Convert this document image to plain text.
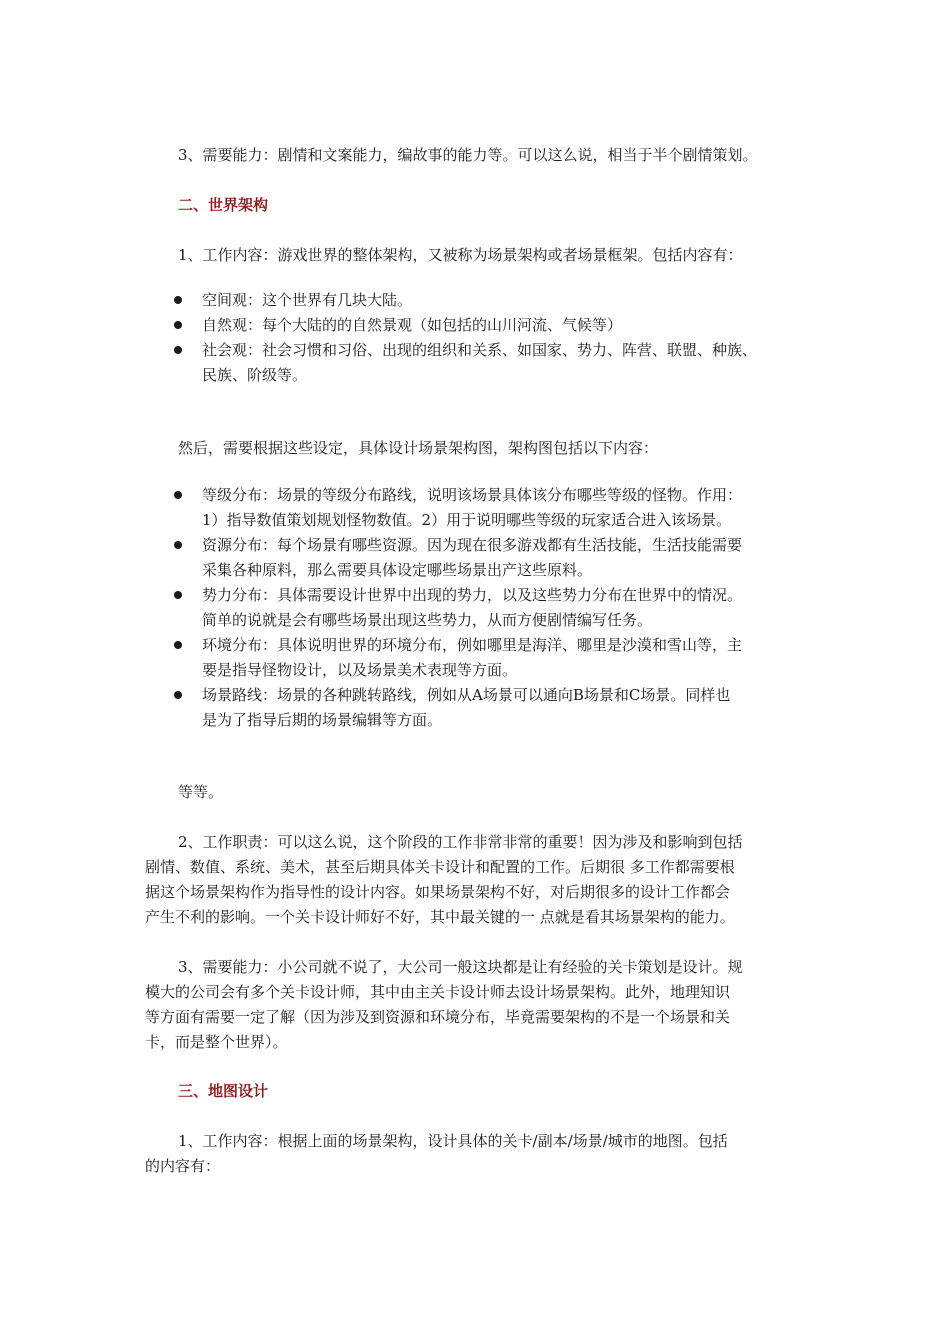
3、需要能力：剧情和文案能力，编故事的能力等。可以这么说，相当于半个剧情策划。
二、世界架构
1、工作内容：游戏世界的整体架构，又被称为场景架构或者场景框架。包括内容有：
空间观：这个世界有几块大陆。
自然观：每个大陆的的自然景观（如包括的山川河流、气候等）
社会观：社会习惯和习俗、出现的组织和关系、如国家、势力、阵营、联盟、种族、
民族、阶级等。
然后，需要根据这些设定，具体设计场景架构图，架构图包括以下内容：
等级分布：场景的等级分布路线，说明该场景具体该分布哪些等级的怪物。作用：
1）指导数值策划规划怪物数值。2）用于说明哪些等级的玩家适合进入该场景。
资源分布：每个场景有哪些资源。因为现在很多游戏都有生活技能，生活技能需要
采集各种原料，那么需要具体设定哪些场景出产这些原料。
势力分布：具体需要设计世界中出现的势力，以及这些势力分布在世界中的情况。
简单的说就是会有哪些场景出现这些势力，从而方便剧情编写任务。
环境分布：具体说明世界的环境分布，例如哪里是海洋、哪里是沙漠和雪山等，主
要是指导怪物设计，以及场景美术表现等方面。
场景路线：场景的各种跳转路线，例如从A场景可以通向B场景和C场景。同样也
是为了指导后期的场景编辑等方面。
等等。
2、工作职责：可以这么说，这个阶段的工作非常非常的重要！因为涉及和影响到包括
剧情、数值、系统、美术，甚至后期具体关卡设计和配置的工作。后期很 多工作都需要根
据这个场景架构作为指导性的设计内容。如果场景架构不好，对后期很多的设计工作都会
产生不利的影响。一个关卡设计师好不好，其中最关键的一 点就是看其场景架构的能力。
3、需要能力：小公司就不说了，大公司一般这块都是让有经验的关卡策划是设计。规
模大的公司会有多个关卡设计师，其中由主关卡设计师去设计场景架构。此外，地理知识
等方面有需要一定了解（因为涉及到资源和环境分布，毕竟需要架构的不是一个场景和关
卡，而是整个世界）。
三、地图设计
1、工作内容：根据上面的场景架构，设计具体的关卡/副本/场景/城市的地图。包括
的内容有：
